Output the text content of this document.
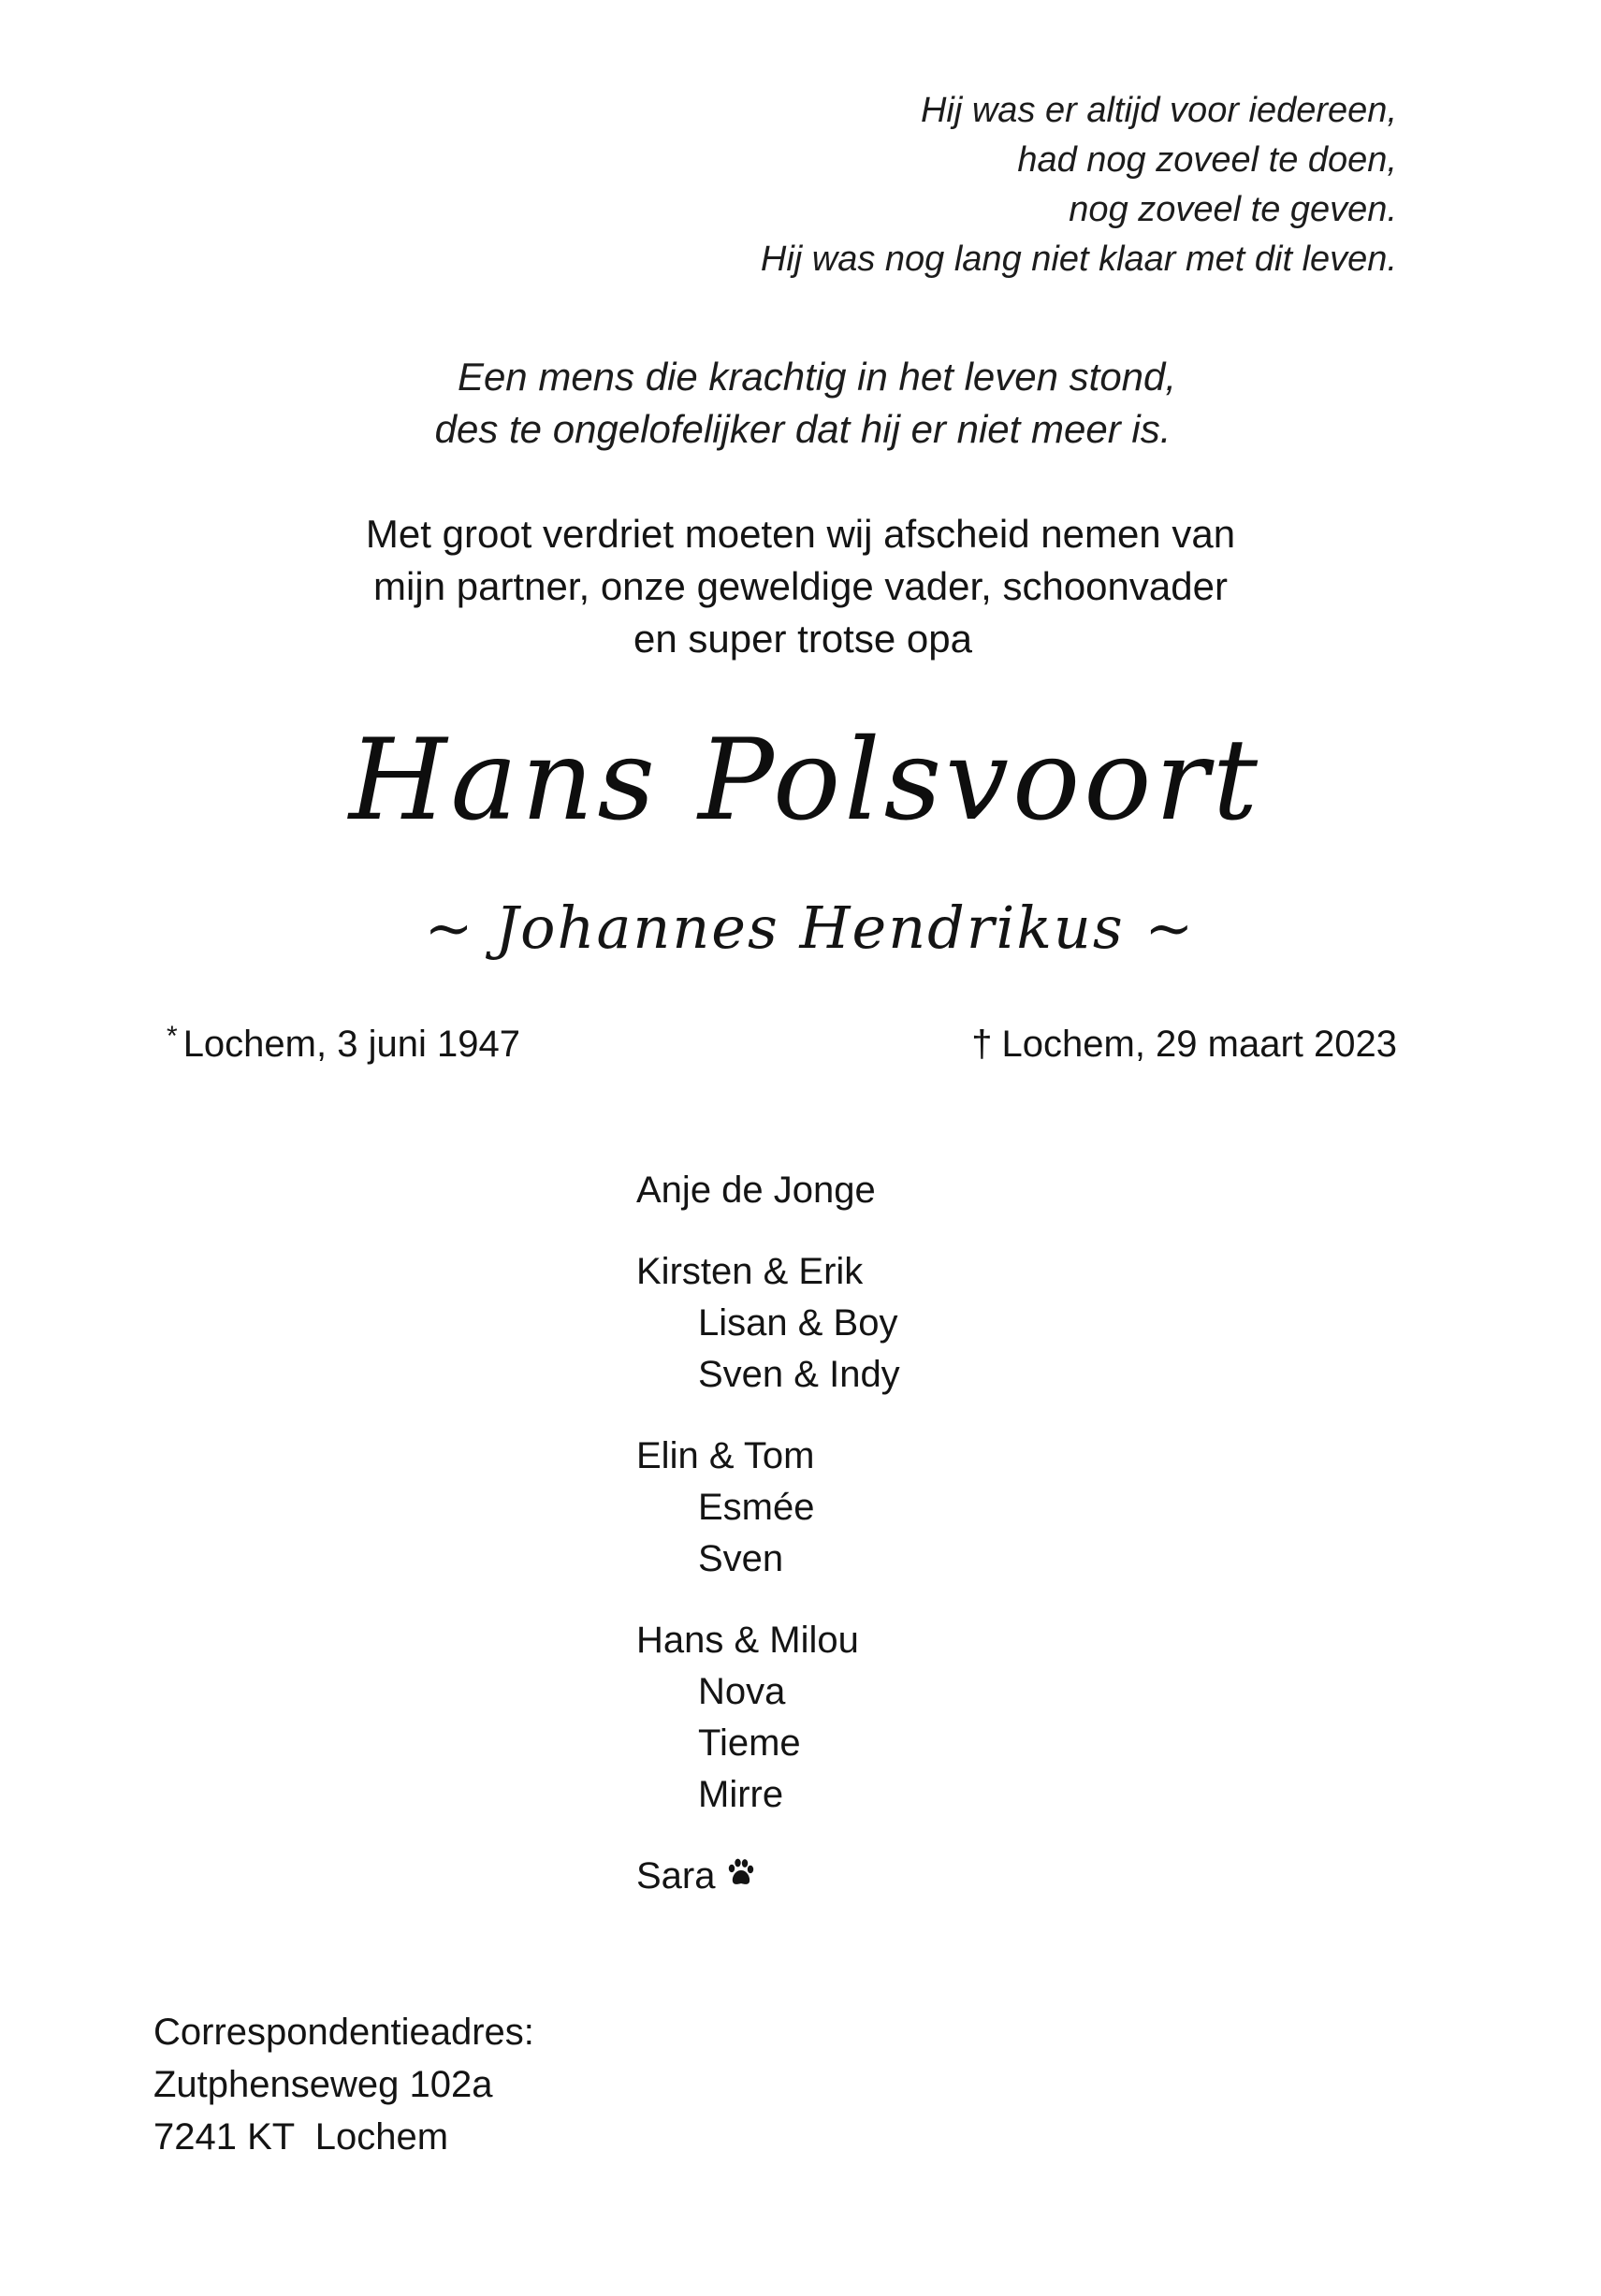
Hij was er altijd voor iedereen,
had nog zoveel te doen,
nog zoveel te geven.
Hij was nog lang niet klaar met dit leven.
Een mens die krachtig in het leven stond,
des te ongelofelijker dat hij er niet meer is.
Met groot verdriet moeten wij afscheid nemen van
mijn partner, onze geweldige vader, schoonvader
en super trotse opa
Hans Polsvoort
~ Johannes Hendrikus ~
* Lochem, 3 juni 1947	† Lochem, 29 maart 2023
Anje de Jonge
Kirsten & Erik
Lisan & Boy
Sven & Indy
Elin & Tom
Esmée
Sven
Hans & Milou
Nova
Tieme
Mirre
Sara
Correspondentieadres:
Zutphenseweg 102a
7241 KT  Lochem
